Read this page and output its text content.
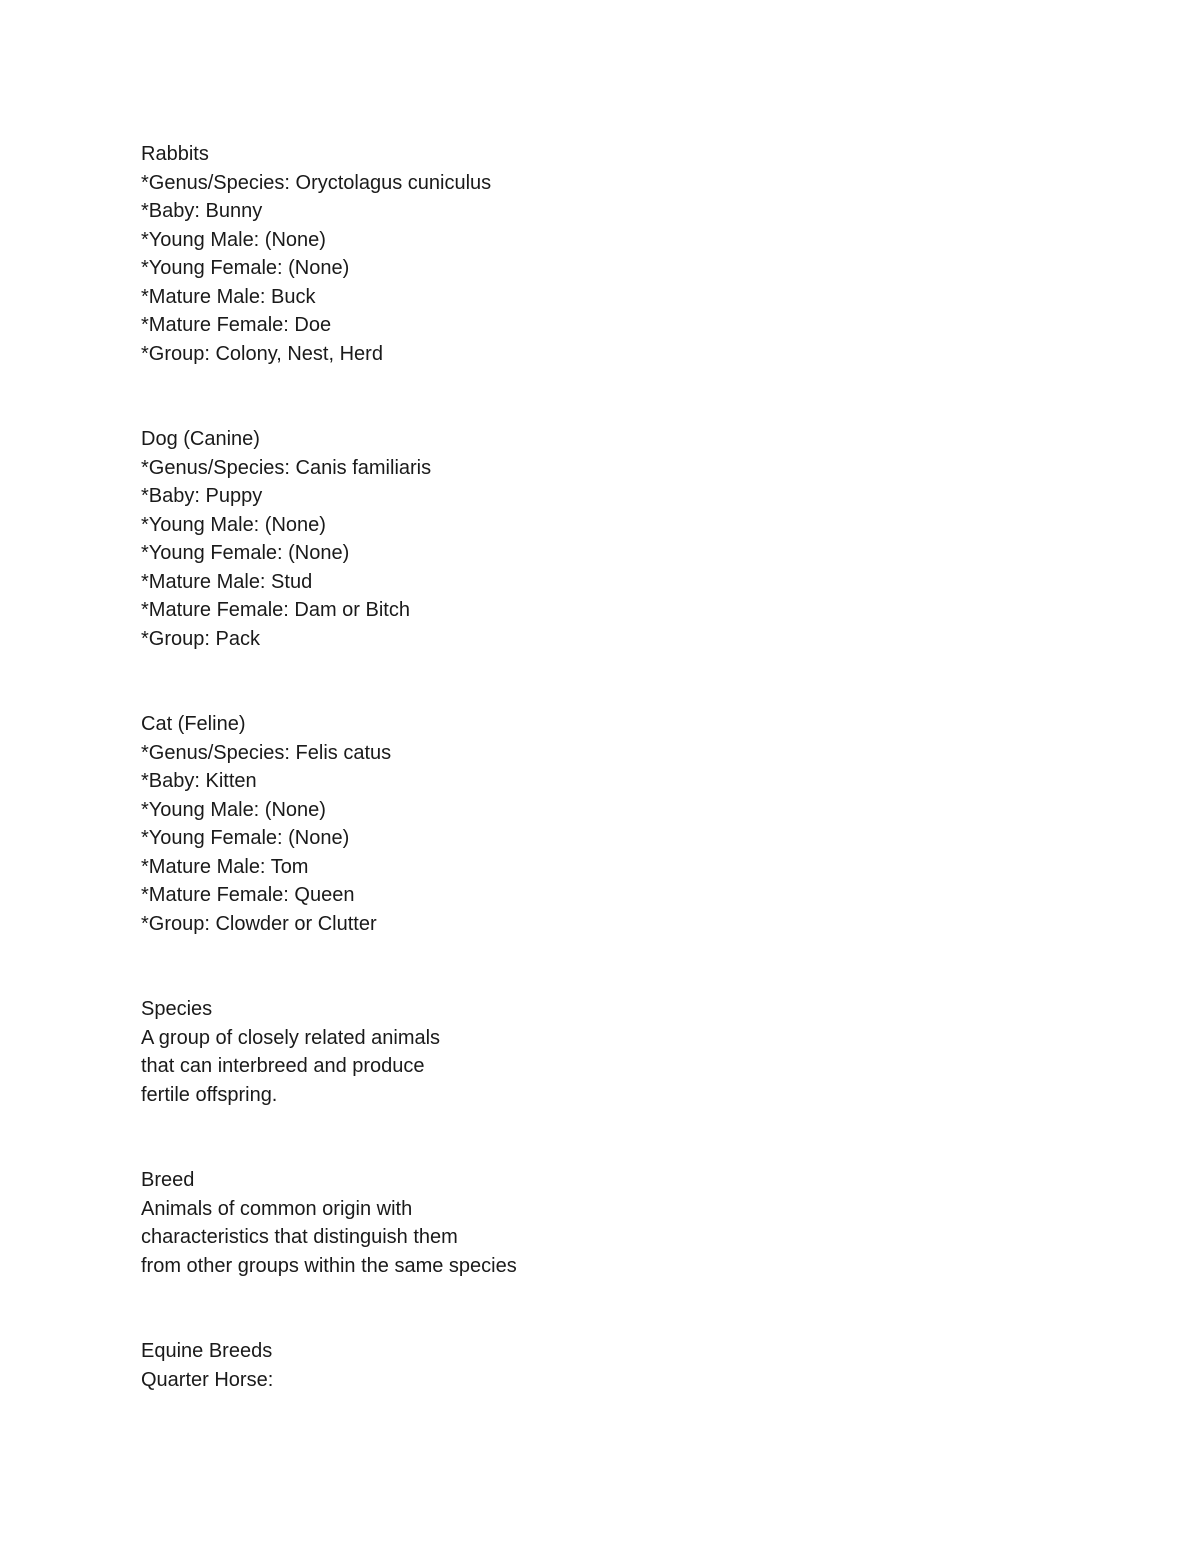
Rabbits
*Genus/Species: Oryctolagus cuniculus
*Baby: Bunny
*Young Male: (None)
*Young Female: (None)
*Mature Male: Buck
*Mature Female: Doe
*Group: Colony, Nest, Herd
Dog (Canine)
*Genus/Species: Canis familiaris
*Baby: Puppy
*Young Male: (None)
*Young Female: (None)
*Mature Male: Stud
*Mature Female: Dam or Bitch
*Group: Pack
Cat (Feline)
*Genus/Species: Felis catus
*Baby: Kitten
*Young Male: (None)
*Young Female: (None)
*Mature Male: Tom
*Mature Female: Queen
*Group: Clowder or Clutter
Species
A group of closely related animals
that can interbreed and produce
fertile offspring.
Breed
Animals of common origin with
characteristics that distinguish them
from other groups within the same species
Equine Breeds
Quarter Horse:
